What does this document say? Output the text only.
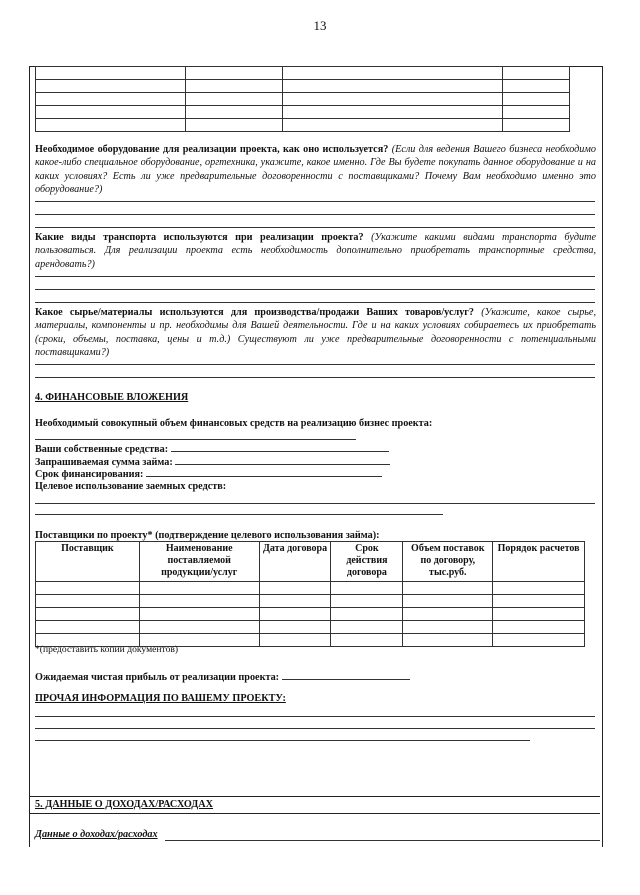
13

Необходимое оборудование для реализации проекта, как оно используется? (Если для ведения Вашего бизнеса необходимо какое-либо специальное оборудование, оргтехника, укажите, какое именно. Где Вы будете покупать данное оборудование и на каких условиях? Есть ли уже предварительные договоренности с поставщиками? Почему Вам необходимо именно это оборудование?)
Какие виды транспорта используются при реализации проекта? (Укажите какими видами транспорта будите пользоваться. Для реализации проекта есть необходимость дополнительно приобретать транспортные средства, арендовать?)
Какое сырье/материалы используются для производства/продажи Ваших товаров/услуг? (Укажите, какое сырье, материалы, компоненты и пр. необходимы для Вашей деятельности. Где и на каких условиях собираетесь их приобретать (сроки, объемы, поставка, цены и т.д.) Существуют ли уже предварительные договоренности с потенциальными поставщиками?)
4. ФИНАНСОВЫЕ ВЛОЖЕНИЯ
Необходимый совокупный объем финансовых средств на реализацию бизнес проекта:
Ваши собственные средства:
Запрашиваемая сумма займа:
Срок финансирования:
Целевое использование заемных средств:
Поставщики по проекту* (подтверждение целевого использования займа):
Поставщик	Наименование поставляемой продукции/услуг	Дата договора	Срок действия договора	Объем поставок по договору, тыс.руб.	Порядок расчетов

*(предоставить копии документов)
Ожидаемая чистая прибыль от реализации проекта:
ПРОЧАЯ ИНФОРМАЦИЯ ПО ВАШЕМУ ПРОЕКТУ:
5. ДАННЫЕ О ДОХОДАХ/РАСХОДАХ
Данные о доходах/расходах
